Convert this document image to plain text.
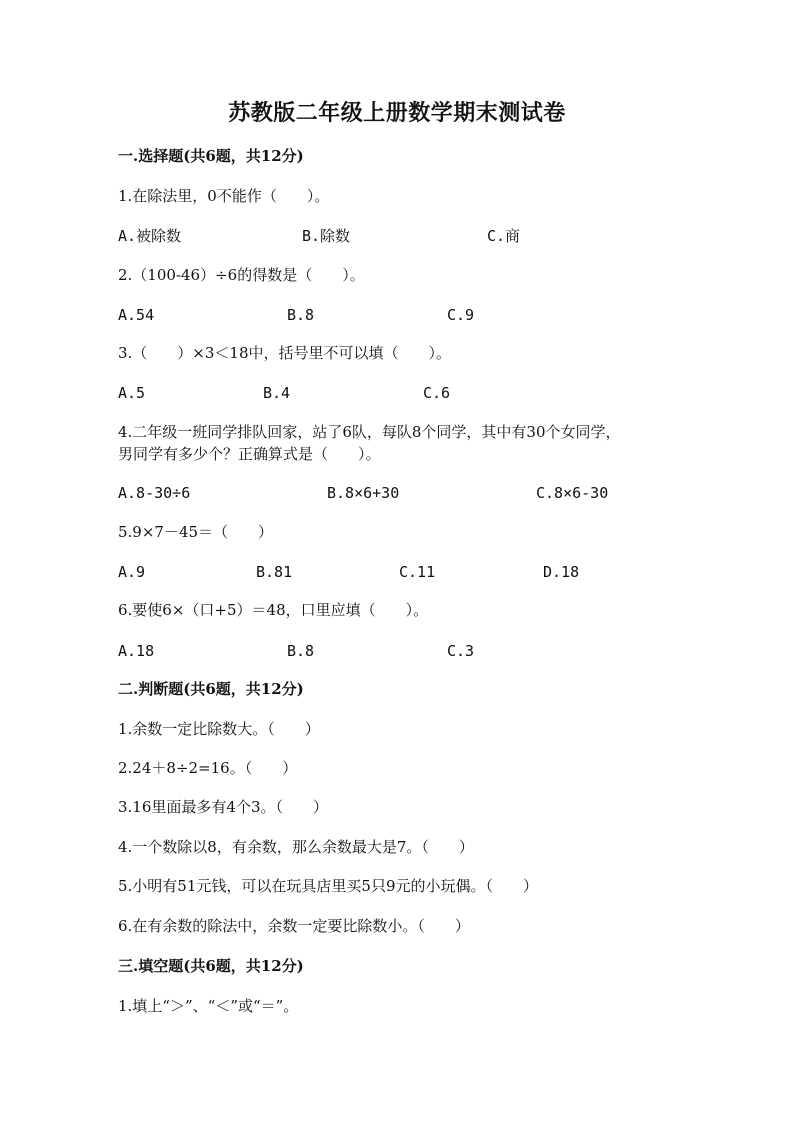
苏教版二年级上册数学期末测试卷
一.选择题(共6题，共12分)
1.在除法里，0不能作（　　）。
A.被除数	B.除数	C.商
2.（100-46）÷6的得数是（　　）。
A.54	B.8	C.9
3.（　　）×3＜18中，括号里不可以填（　　）。
A.5	B.4	C.6
4.二年级一班同学排队回家，站了6队，每队8个同学，其中有30个女同学，
男同学有多少个？正确算式是（　　）。
A.8-30÷6	B.8×6+30	C.8×6-30
5.9×7－45＝（　　）
A.9	B.81	C.11	D.18
6.要使6×（口+5）＝48，口里应填（　　）。
A.18	B.8	C.3
二.判断题(共6题，共12分)
1.余数一定比除数大。（　　）
2.24＋8÷2=16。（　　）
3.16里面最多有4个3。（　　）
4.一个数除以8，有余数，那么余数最大是7。（　　）
5.小明有51元钱，可以在玩具店里买5只9元的小玩偶。（　　）
6.在有余数的除法中，余数一定要比除数小。（　　）
三.填空题(共6题，共12分)
1.填上“＞”、“＜”或“＝”。
